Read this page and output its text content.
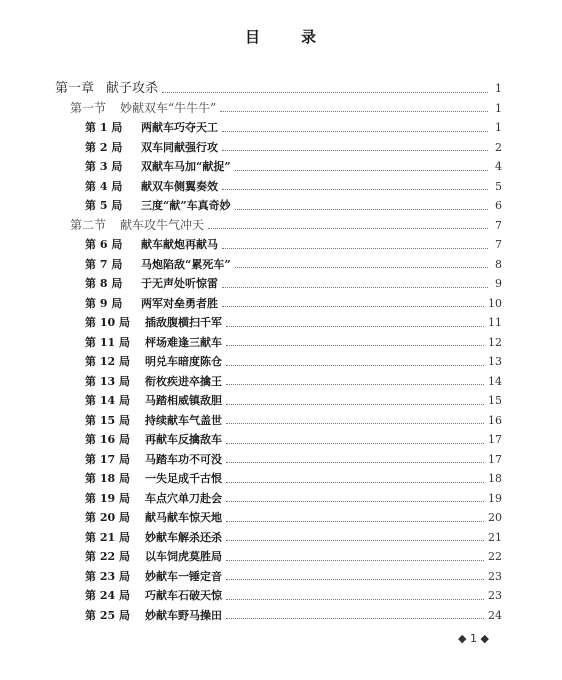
目	录
第一章 献子攻杀	1
第一节 妙献双车“牛牛牛”	1
第 1 局 两献车巧夺天工	1
第 2 局 双车同献强行攻	2
第 3 局 双献车马加“献捉”	4
第 4 局 献双车侧翼奏效	5
第 5 局 三度“献”车真奇妙	6
第二节 献车攻牛气冲天	7
第 6 局 献车献炮再献马	7
第 7 局 马炮陷敌“累死车”	8
第 8 局 于无声处听惊雷	9
第 9 局 两军对垒勇者胜	10
第 10 局 插敌腹横扫千军	11
第 11 局 枰场难逢三献车	12
第 12 局 明兑车暗度陈仓	13
第 13 局 衔枚疾进卒擒王	14
第 14 局 马踏相威镇敌胆	15
第 15 局 持续献车气盖世	16
第 16 局 再献车反擒敌车	17
第 17 局 马踏车功不可没	17
第 18 局 一失足成千古恨	18
第 19 局 车点穴单刀赴会	19
第 20 局 献马献车惊天地	20
第 21 局 妙献车解杀还杀	21
第 22 局 以车饲虎莫胜局	22
第 23 局 妙献车一锤定音	23
第 24 局 巧献车石破天惊	23
第 25 局 妙献车野马操田	24
◆ 1 ◆
